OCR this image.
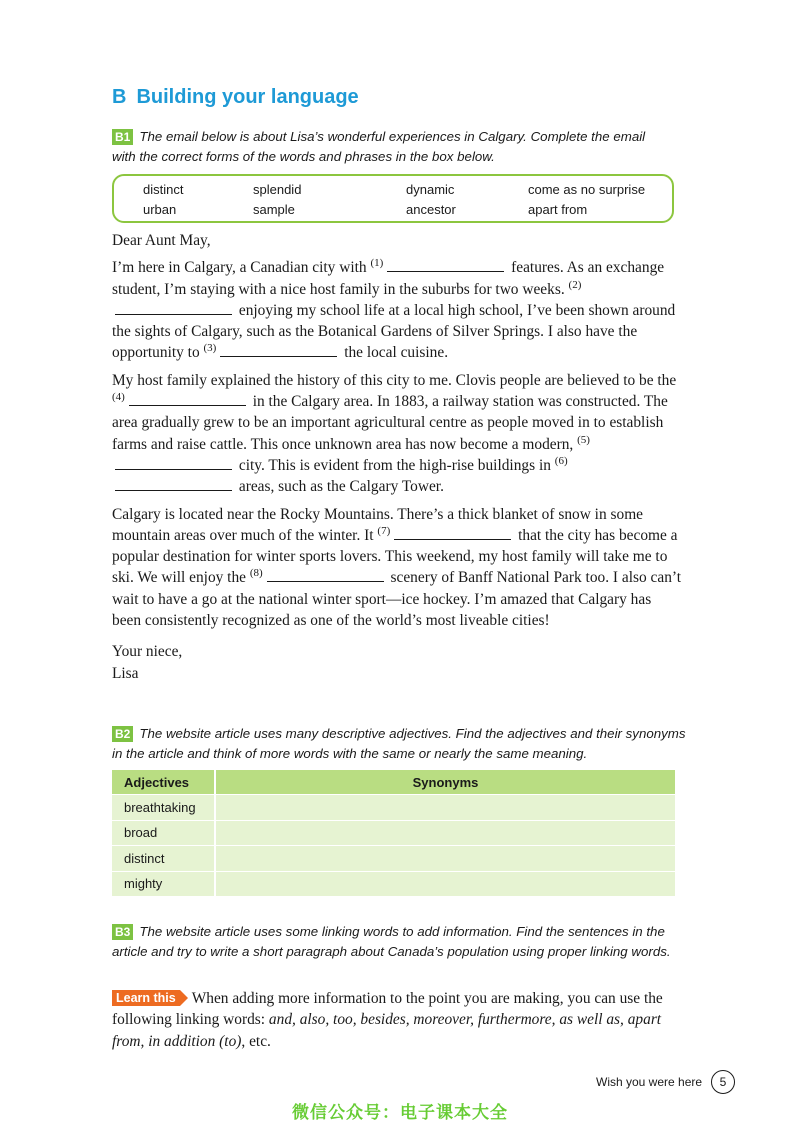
B Building your language
B1 The email below is about Lisa’s wonderful experiences in Calgary. Complete the email with the correct forms of the words and phrases in the box below.
distinct	splendid	dynamic	come as no surprise
urban	sample	ancestor	apart from

Dear Aunt May,

I’m here in Calgary, a Canadian city with $^{(1)}$	features. As an exchange student, I’m staying with a nice host family in the suburbs for two weeks. $^{(2)}$ enjoying my school life at a local high school, I’ve been shown around the sights of Calgary, such as the Botanical Gardens of Silver Springs. I also have the opportunity to $^{(3)}$	the local cuisine.

My host family explained the history of this city to me. Clovis people are believed to be the $^{(4)}$	in the Calgary area. In 1883, a railway station was constructed. The area gradually grew to be an important agricultural centre as people moved in to establish farms and raise cattle. This once unknown area has now become a modern, $^{(5)}$ city. This is evident from the high-rise buildings in $^{(6)}$ areas, such as the Calgary Tower.

Calgary is located near the Rocky Mountains. There’s a thick blanket of snow in some mountain areas over much of the winter. It $^{(7)}$	that the city has become a popular destination for winter sports lovers. This weekend, my host family will take me to ski. We will enjoy the $^{(8)}$	scenery of Banff National Park too. I also can’t wait to have a go at the national winter sport—ice hockey. I’m amazed that Calgary has been consistently recognized as one of the world’s most liveable cities!

Your niece,
Lisa

B2 The website article uses many descriptive adjectives. Find the adjectives and their synonyms in the article and think of more words with the same or nearly the same meaning.
Adjectives	Synonyms
breathtaking	
broad	
distinct	
mighty	
B3 The website article uses some linking words to add information. Find the sentences in the article and try to write a short paragraph about Canada’s population using proper linking words.
Learn this When adding more information to the point you are making, you can use the following linking words: and, also, too, besides, moreover, furthermore, as well as, apart from, in addition (to), etc.
Wish you were here	5
微信公众号：电子课本大全
